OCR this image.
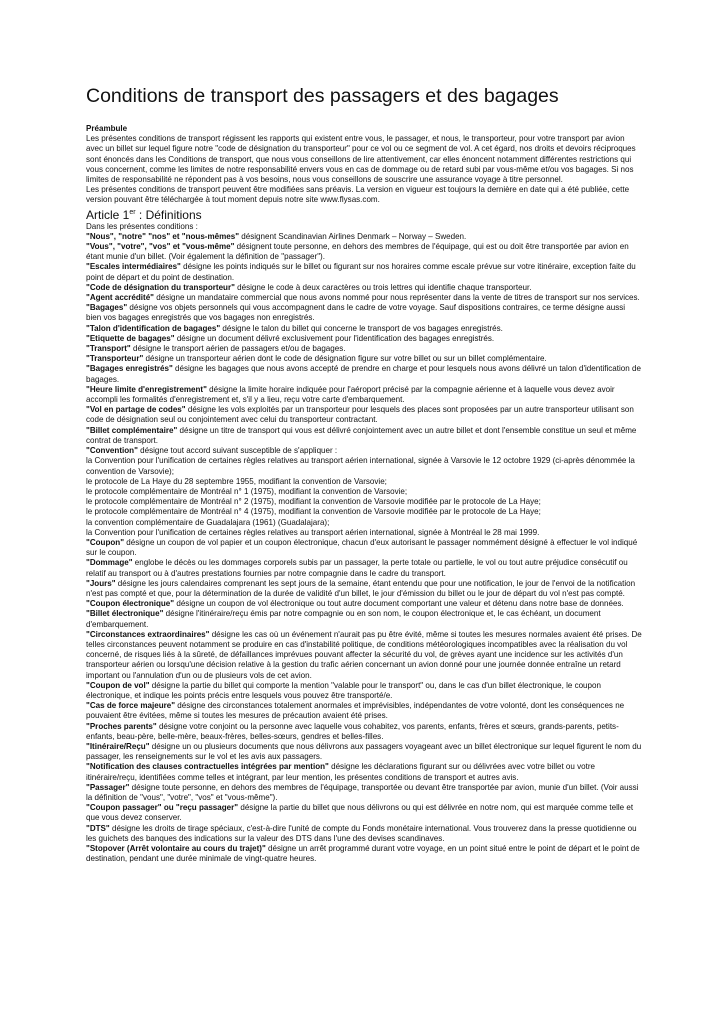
Conditions de transport des passagers et des bagages

Préambule

Les présentes conditions de transport régissent les rapports qui existent entre vous, le passager, et nous, le transporteur, pour votre transport par avion avec un billet sur lequel figure notre "code de désignation du transporteur" pour ce vol ou ce segment de vol. A cet égard, nos droits et devoirs réciproques sont énoncés dans les Conditions de transport, que nous vous conseillons de lire attentivement, car elles énoncent notamment différentes restrictions qui vous concernent, comme les limites de notre responsabilité envers vous en cas de dommage ou de retard subi par vous-même et/ou vos bagages. Si nos limites de responsabilité ne répondent pas à vos besoins, nous vous conseillons de souscrire une assurance voyage à titre personnel.

Les présentes conditions de transport peuvent être modifiées sans préavis. La version en vigueur est toujours la dernière en date qui a été publiée, cette version pouvant être téléchargée à tout moment depuis notre site www.flysas.com.

Article 1er : Définitions

Dans les présentes conditions :

"Nous", "notre" "nos" et "nous-mêmes" désignent Scandinavian Airlines Denmark – Norway – Sweden.

"Vous", "votre", "vos" et "vous-même" désignent toute personne, en dehors des membres de l'équipage, qui est ou doit être transportée par avion en étant munie d'un billet. (Voir également la définition de "passager").

"Escales intermédiaires" désigne les points indiqués sur le billet ou figurant sur nos horaires comme escale prévue sur votre itinéraire, exception faite du point de départ et du point de destination.

"Code de désignation du transporteur" désigne le code à deux caractères ou trois lettres qui identifie chaque transporteur.

"Agent accrédité" désigne un mandataire commercial que nous avons nommé pour nous représenter dans la vente de titres de transport sur nos services.

"Bagages" désigne vos objets personnels qui vous accompagnent dans le cadre de votre voyage. Sauf dispositions contraires, ce terme désigne aussi bien vos bagages enregistrés que vos bagages non enregistrés.

"Talon d'identification de bagages" désigne le talon du billet qui concerne le transport de vos bagages enregistrés.

"Etiquette de bagages" désigne un document délivré exclusivement pour l'identification des bagages enregistrés.

"Transport" désigne le transport aérien de passagers et/ou de bagages.

"Transporteur" désigne un transporteur aérien dont le code de désignation figure sur votre billet ou sur un billet complémentaire.

"Bagages enregistrés" désigne les bagages que nous avons accepté de prendre en charge et pour lesquels nous avons délivré un talon d'identification de bagages.

"Heure limite d'enregistrement" désigne la limite horaire indiquée pour l'aéroport précisé par la compagnie aérienne et à laquelle vous devez avoir accompli les formalités d'enregistrement et, s'il y a lieu, reçu votre carte d'embarquement.

"Vol en partage de codes" désigne les vols exploités par un transporteur pour lesquels des places sont proposées par un autre transporteur utilisant son code de désignation seul ou conjointement avec celui du transporteur contractant.

"Billet complémentaire" désigne un titre de transport qui vous est délivré conjointement avec un autre billet et dont l'ensemble constitue un seul et même contrat de transport.

"Convention" désigne tout accord suivant susceptible de s'appliquer :

la Convention pour l'unification de certaines règles relatives au transport aérien international, signée à Varsovie le 12 octobre 1929 (ci-après dénommée la convention de Varsovie);

le protocole de La Haye du 28 septembre 1955, modifiant la convention de Varsovie;

le protocole complémentaire de Montréal n° 1 (1975), modifiant la convention de Varsovie;

le protocole complémentaire de Montréal n° 2 (1975), modifiant la convention de Varsovie modifiée par le protocole de La Haye;

le protocole complémentaire de Montréal n° 4 (1975), modifiant la convention de Varsovie modifiée par le protocole de La Haye;

la convention complémentaire de Guadalajara (1961) (Guadalajara);

la Convention pour l'unification de certaines règles relatives au transport aérien international, signée à Montréal le 28 mai 1999.

"Coupon" désigne un coupon de vol papier et un coupon électronique, chacun d'eux autorisant le passager nommément désigné à effectuer le vol indiqué sur le coupon.

"Dommage" englobe le décès ou les dommages corporels subis par un passager, la perte totale ou partielle, le vol ou tout autre préjudice consécutif ou relatif au transport ou à d'autres prestations fournies par notre compagnie dans le cadre du transport.

"Jours" désigne les jours calendaires comprenant les sept jours de la semaine, étant entendu que pour une notification, le jour de l'envoi de la notification n'est pas compté et que, pour la détermination de la durée de validité d'un billet, le jour d'émission du billet ou le jour de départ du vol n'est pas compté.

"Coupon électronique" désigne un coupon de vol électronique ou tout autre document comportant une valeur et détenu dans notre base de données.

"Billet électronique" désigne l'itinéraire/reçu émis par notre compagnie ou en son nom, le coupon électronique et, le cas échéant, un document d'embarquement.

"Circonstances extraordinaires" désigne les cas où un événement n'aurait pas pu être évité, même si toutes les mesures normales avaient été prises. De telles circonstances peuvent notamment se produire en cas d'instabilité politique, de conditions météorologiques incompatibles avec la réalisation du vol concerné, de risques liés à la sûreté, de défaillances imprévues pouvant affecter la sécurité du vol, de grèves ayant une incidence sur les activités d'un transporteur aérien ou lorsqu'une décision relative à la gestion du trafic aérien concernant un avion donné pour une journée donnée entraîne un retard important ou l'annulation d'un ou de plusieurs vols de cet avion.

"Coupon de vol" désigne la partie du billet qui comporte la mention "valable pour le transport" ou, dans le cas d'un billet électronique, le coupon électronique, et indique les points précis entre lesquels vous pouvez être transporté/e.

"Cas de force majeure" désigne des circonstances totalement anormales et imprévisibles, indépendantes de votre volonté, dont les conséquences ne pouvaient être évitées, même si toutes les mesures de précaution avaient été prises.

"Proches parents" désigne votre conjoint ou la personne avec laquelle vous cohabitez, vos parents, enfants, frères et sœurs, grands-parents, petits-enfants, beau-père, belle-mère, beaux-frères, belles-sœurs, gendres et belles-filles.

"Itinéraire/Reçu" désigne un ou plusieurs documents que nous délivrons aux passagers voyageant avec un billet électronique sur lequel figurent le nom du passager, les renseignements sur le vol et les avis aux passagers.

"Notification des clauses contractuelles intégrées par mention" désigne les déclarations figurant sur ou délivrées avec votre billet ou votre itinéraire/reçu, identifiées comme telles et intégrant, par leur mention, les présentes conditions de transport et autres avis.

"Passager" désigne toute personne, en dehors des membres de l'équipage, transportée ou devant être transportée par avion, munie d'un billet. (Voir aussi la définition de "vous", "votre", "vos" et "vous-même").

"Coupon passager" ou "reçu passager" désigne la partie du billet que nous délivrons ou qui est délivrée en notre nom, qui est marquée comme telle et que vous devez conserver.

"DTS" désigne les droits de tirage spéciaux, c'est-à-dire l'unité de compte du Fonds monétaire international. Vous trouverez dans la presse quotidienne ou les guichets des banques des indications sur la valeur des DTS dans l'une des devises scandinaves.

"Stopover (Arrêt volontaire au cours du trajet)" désigne un arrêt programmé durant votre voyage, en un point situé entre le point de départ et le point de destination, pendant une durée minimale de vingt-quatre heures.
